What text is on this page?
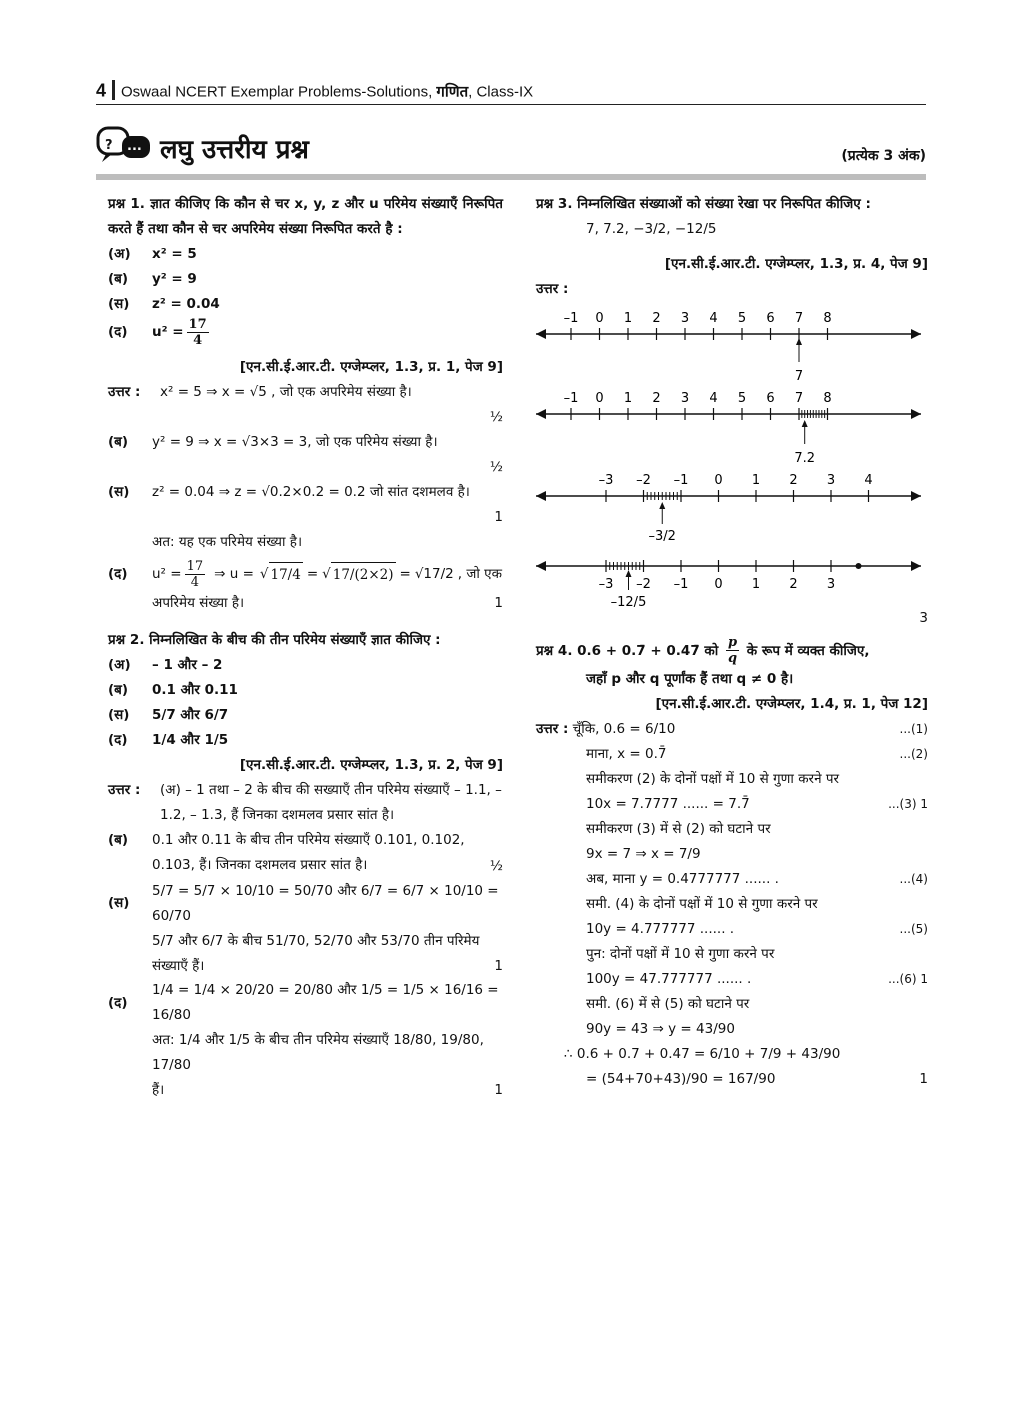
4 Oswaal NCERT Exemplar Problems-Solutions, गणित, Class-IX
? ... लघु उत्तरीय प्रश्न	(प्रत्येक 3 अंक)
प्रश्न 1. ज्ञात कीजिए कि कौन से चर x, y, z और u परिमेय संख्याएँ निरूपित करते हैं तथा कौन से चर अपरिमेय संख्या निरूपित करते है :
(अ)	x² = 5
(ब)	y² = 9
(स)	z² = 0.04
(द)	$u^2 = \frac{17}{4}$
[एन.सी.ई.आर.टी. एग्जेम्प्लर, 1.3, प्र. 1, पेज 9]
उत्तर :	x² = 5 ⇒ x = √5 , जो एक अपरिमेय संख्या है।
½
(ब)	y² = 9 ⇒ x = √3×3 = 3, जो एक परिमेय संख्या है।
½
(स)	z² = 0.04 ⇒ z = √0.2×0.2 = 0.2 जो सांत दशमलव है।
1
अत: यह एक परिमेय संख्या है।
(द)	$u^2 = \frac{17}{4}$ ⇒ u = √ 17/4 = √ 17/(2×2) = √17/2 , जो एक
अपरिमेय संख्या है।	1
प्रश्न 2. निम्नलिखित के बीच की तीन परिमेय संख्याएँ ज्ञात कीजिए :
(अ)	– 1 और – 2
(ब)	0.1 और 0.11
(स)	5/7 और 6/7
(द)	1/4 और 1/5
[एन.सी.ई.आर.टी. एग्जेम्प्लर, 1.3, प्र. 2, पेज 9]
उत्तर :	(अ) – 1 तथा – 2 के बीच की सख्याएँ तीन परिमेय संख्याएँ – 1.1, – 1.2, – 1.3, हैं जिनका दशमलव प्रसार सांत है।
(ब)	0.1 और 0.11 के बीच तीन परिमेय संख्याएँ 0.101, 0.102, 0.103, हैं। जिनका दशमलव प्रसार सांत है।	½
(स)
5/7 = 5/7 × 10/10 = 50/70 और 6/7 = 6/7 × 10/10 = 60/70
5/7 और 6/7 के बीच 51/70, 52/70 और 53/70 तीन परिमेय
संख्याएँ हैं।	1
(द)
1/4 = 1/4 × 20/20 = 20/80 और 1/5 = 1/5 × 16/16 = 16/80
अत: 1/4 और 1/5 के बीच तीन परिमेय संख्याएँ 18/80, 19/80, 17/80
हैं।	1
प्रश्न 3. निम्नलिखित संख्याओं को संख्या रेखा पर निरूपित कीजिए :
7, 7.2, −3/2, −12/5
[एन.सी.ई.आर.टी. एग्जेम्प्लर, 1.3, प्र. 4, पेज 9]
उत्तर :
–1 0 1 2 3 4 5 6 7 8
7
–1 0 1 2 3 4 5 6 7 8
7.2
–3 –2 –1 0 1 2 3 4
–3/2
–3 –2 –1 0 1 2 3
–12/5
3
प्रश्न 4. 0.6 + 0.7̄ + 0.47̄ को $\frac{p}{q}$ के रूप में व्यक्त कीजिए,
जहाँ p और q पूर्णांक हैं तथा q ≠ 0 है।
[एन.सी.ई.आर.टी. एग्जेम्प्लर, 1.4, प्र. 1, पेज 12]
उत्तर : चूँकि, 0.6 = 6/10	...(1)
माना, x = 0.7̄	...(2)
समीकरण (2) के दोनों पक्षों में 10 से गुणा करने पर
10x = 7.7777 ...... = 7.7̄	...(3) 1
समीकरण (3) में से (2) को घटाने पर
9x = 7 ⇒ x = 7/9
अब, माना y = 0.4777777 ...... .	...(4)
समी. (4) के दोनों पक्षों में 10 से गुणा करने पर
10y = 4.777777 ...... .	...(5)
पुन: दोनों पक्षों में 10 से गुणा करने पर
100y = 47.777777 ...... .	...(6) 1
समी. (6) में से (5) को घटाने पर
90y = 43 ⇒ y = 43/90
∴ 0.6 + 0.7̄ + 0.47 = 6/10 + 7/9 + 43/90
= (54+70+43)/90 = 167/90	1
